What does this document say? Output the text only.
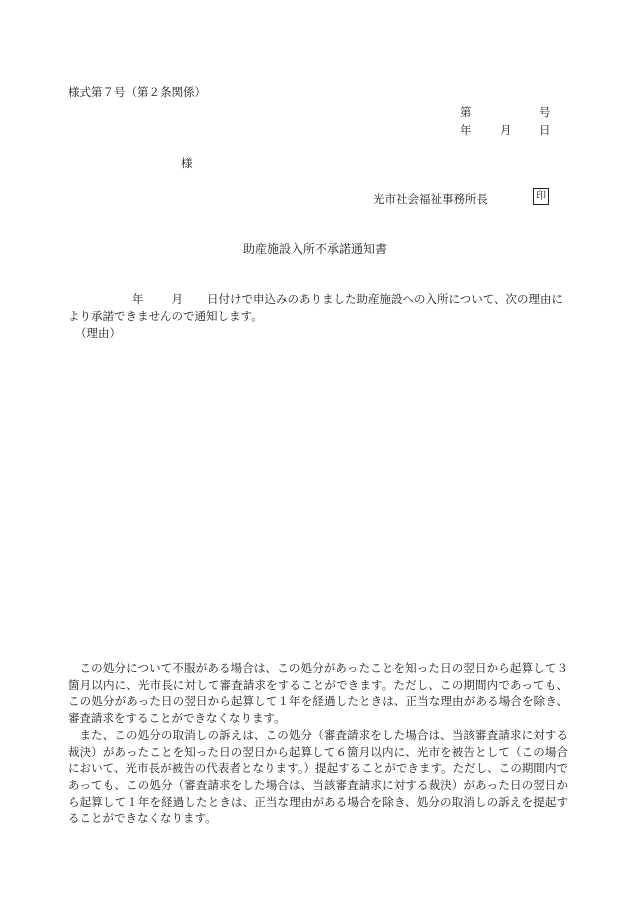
様式第７号（第２条関係）
第	号
年 月 日
様
光市社会福祉事務所長	印
助産施設入所不承諾通知書
年 月 日付けで申込みのありました助産施設への入所について、次の理由により承諾できませんので通知します。
（理由）

この処分について不服がある場合は、この処分があったことを知った日の翌日から起算して３箇月以内に、光市長に対して審査請求をすることができます。ただし、この期間内であっても、この処分があった日の翌日から起算して１年を経過したときは、正当な理由がある場合を除き、審査請求をすることができなくなります。

また、この処分の取消しの訴えは、この処分（審査請求をした場合は、当該審査請求に対する裁決）があったことを知った日の翌日から起算して６箇月以内に、光市を被告として（この場合において、光市長が被告の代表者となります。）提起することができます。ただし、この期間内であっても、この処分（審査請求をした場合は、当該審査請求に対する裁決）があった日の翌日から起算して１年を経過したときは、正当な理由がある場合を除き、処分の取消しの訴えを提起することができなくなります。
